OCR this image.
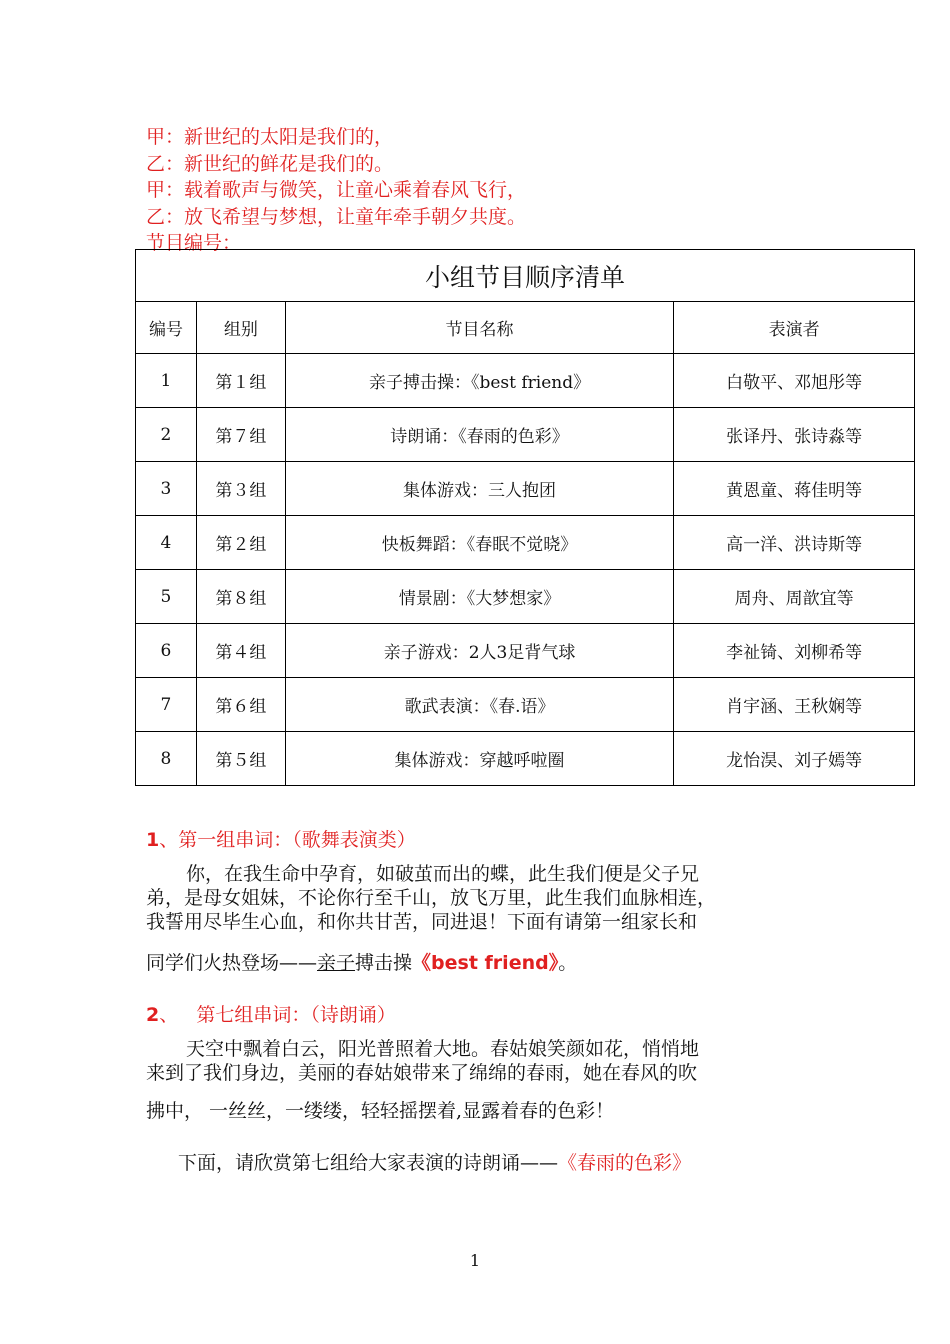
甲：新世纪的太阳是我们的，
乙：新世纪的鲜花是我们的。
甲：载着歌声与微笑，让童心乘着春风飞行，
乙：放飞希望与梦想，让童年牵手朝夕共度。
节目编号：
小组节目顺序清单			
编号	组别	节目名称	表演者
1	第１组	亲子搏击操：《best friend》	白敬平、邓旭彤等
2	第７组	诗朗诵：《春雨的色彩》	张译丹、张诗淼等
3	第３组	集体游戏：三人抱团	黄恩童、蒋佳明等
4	第２组	快板舞蹈：《春眠不觉晓》	高一洋、洪诗斯等
5	第８组	情景剧：《大梦想家》	周舟、周歆宜等
6	第４组	亲子游戏：2人3足背气球	李祉锜、刘柳希等
7	第６组	歌武表演：《春.语》	肖宇涵、王秋娴等
8	第５组	集体游戏：穿越呼啦圈	龙怡淏、刘子嫣等
1、第一组串词：（歌舞表演类）
你，在我生命中孕育，如破茧而出的蝶，此生我们便是父子兄
弟，是母女姐妹，不论你行至千山，放飞万里，此生我们血脉相连，
我誓用尽毕生心血，和你共甘苦，同进退！下面有请第一组家长和
同学们火热登场——亲子搏击操《best friend》。
2、   第七组串词：（诗朗诵）
天空中飘着白云，阳光普照着大地。春姑娘笑颜如花，悄悄地
来到了我们身边，美丽的春姑娘带来了绵绵的春雨，她在春风的吹
拂中， 一丝丝，一缕缕，轻轻摇摆着,显露着春的色彩！
下面，请欣赏第七组给大家表演的诗朗诵——《春雨的色彩》
1
